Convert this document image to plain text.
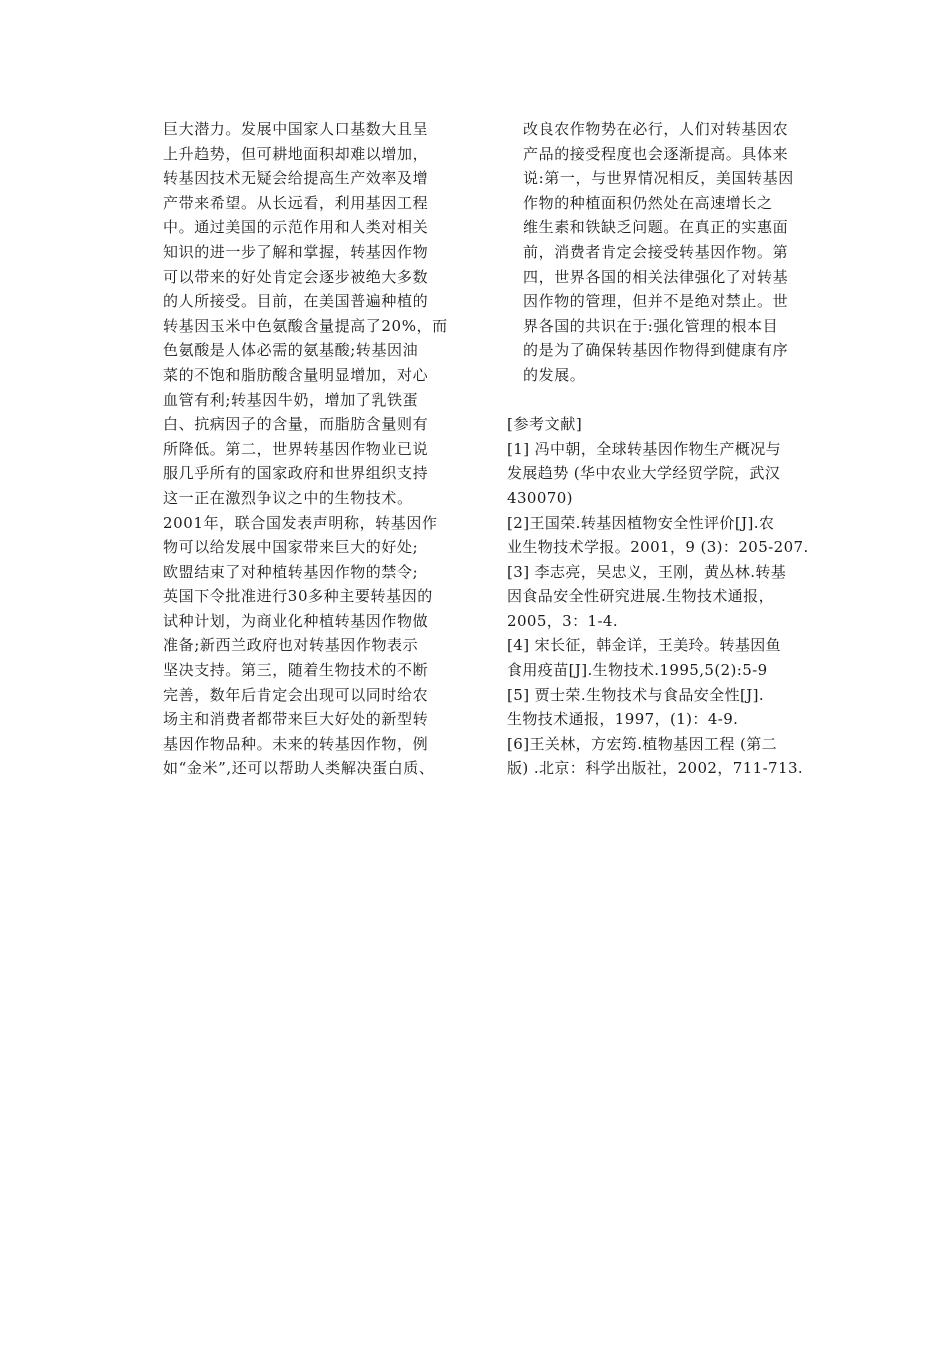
巨大潜力。发展中国家人口基数大且呈
上升趋势，但可耕地面积却难以增加，
转基因技术无疑会给提高生产效率及增
产带来希望。从长远看，利用基因工程
中。通过美国的示范作用和人类对相关
知识的进一步了解和掌握，转基因作物
可以带来的好处肯定会逐步被绝大多数
的人所接受。目前，在美国普遍种植的
转基因玉米中色氨酸含量提高了20%，而
色氨酸是人体必需的氨基酸;转基因油
菜的不饱和脂肪酸含量明显增加，对心
血管有利;转基因牛奶，增加了乳铁蛋
白、抗病因子的含量，而脂肪含量则有
所降低。第二，世界转基因作物业已说
服几乎所有的国家政府和世界组织支持
这一正在激烈争议之中的生物技术。
2001年，联合国发表声明称，转基因作
物可以给发展中国家带来巨大的好处;
欧盟结束了对种植转基因作物的禁令;
英国下令批准进行30多种主要转基因的
试种计划，为商业化种植转基因作物做
准备;新西兰政府也对转基因作物表示
坚决支持。第三，随着生物技术的不断
完善，数年后肯定会出现可以同时给农
场主和消费者都带来巨大好处的新型转
基因作物品种。未来的转基因作物，例
如“金米”,还可以帮助人类解决蛋白质、
改良农作物势在必行，人们对转基因农
产品的接受程度也会逐渐提高。具体来
说:第一，与世界情况相反，美国转基因
作物的种植面积仍然处在高速增长之
维生素和铁缺乏问题。在真正的实惠面
前，消费者肯定会接受转基因作物。第
四，世界各国的相关法律强化了对转基
因作物的管理，但并不是绝对禁止。世
界各国的共识在于:强化管理的根本目
的是为了确保转基因作物得到健康有序
的发展。
[参考文献]
[1] 冯中朝，全球转基因作物生产概况与
发展趋势 (华中农业大学经贸学院，武汉
430070)
[2]王国荣.转基因植物安全性评价[J].农
业生物技术学报。2001，9 (3)：205-207.
[3] 李志亮，吴忠义，王刚，黄丛林.转基
因食品安全性研究进展.生物技术通报，
2005，3：1-4.
[4] 宋长征，韩金详，王美玲。转基因鱼
食用疫苗[J].生物技术.1995,5(2):5-9
[5] 贾士荣.生物技术与食品安全性[J].
生物技术通报，1997，(1)：4-9.
[6]王关林，方宏筠.植物基因工程 (第二
版) .北京：科学出版社，2002，711-713.
